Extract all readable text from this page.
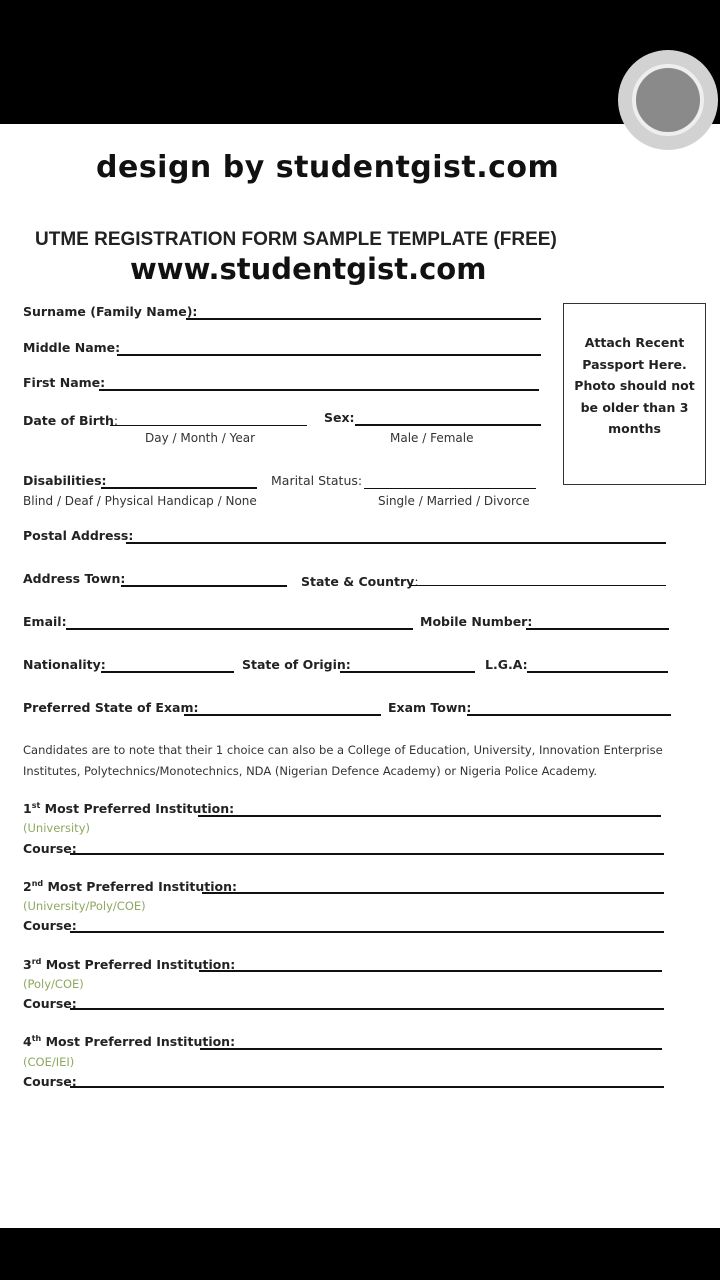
design by studentgist.com
UTME REGISTRATION FORM SAMPLE TEMPLATE (FREE)
www.studentgist.com
Attach Recent Passport Here. Photo should not be older than 3 months
Surname (Family Name):
Middle Name:
First Name:
Date of Birth:
Day / Month / Year
Sex:
Male / Female
Disabilities:
Blind / Deaf / Physical Handicap / None
Marital Status:
Single / Married / Divorce
Postal Address:
Address Town:	State & Country:
Email:	Mobile Number:
Nationality:	State of Origin:	L.G.A:
Preferred State of Exam:	Exam Town:
Candidates are to note that their 1 choice can also be a College of Education, University, Innovation Enterprise Institutes, Polytechnics/Monotechnics, NDA (Nigerian Defence Academy) or Nigeria Police Academy.
1st Most Preferred Institution:
(University)
Course:
2nd Most Preferred Institution:
(University/Poly/COE)
Course:
3rd Most Preferred Institution:
(Poly/COE)
Course:
4th Most Preferred Institution:
(COE/IEI)
Course:
